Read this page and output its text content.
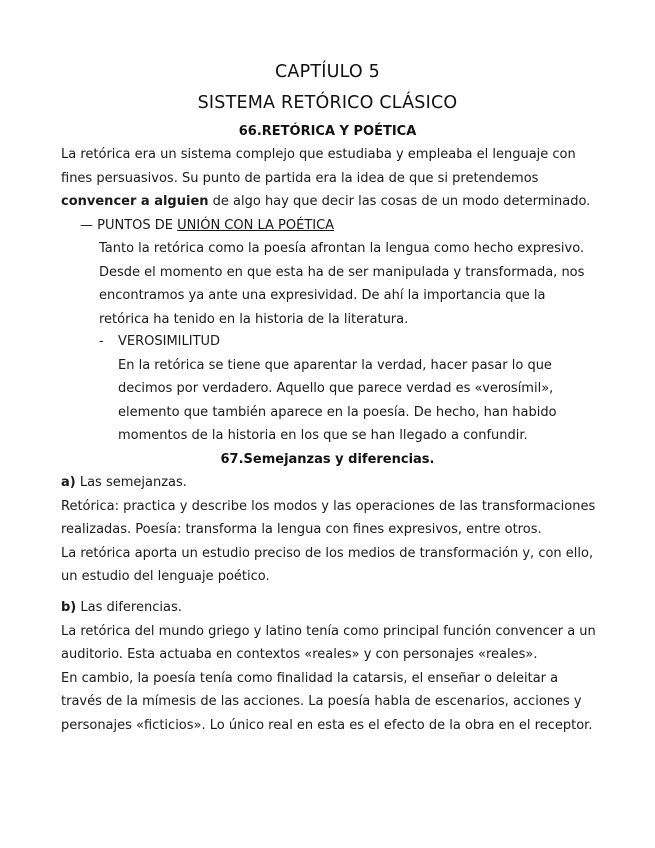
CAPTÍULO 5
SISTEMA RETÓRICO CLÁSICO
66.RETÓRICA Y POÉTICA
La retórica era un sistema complejo que estudiaba y empleaba el lenguaje con
fines persuasivos. Su punto de partida era la idea de que si pretendemos
convencer a alguien de algo hay que decir las cosas de un modo determinado.
— PUNTOS DE UNIÓN CON LA POÉTICA
Tanto la retórica como la poesía afrontan la lengua como hecho expresivo.
Desde el momento en que esta ha de ser manipulada y transformada, nos
encontramos ya ante una expresividad. De ahí la importancia que la
retórica ha tenido en la historia de la literatura.
- VEROSIMILITUD
En la retórica se tiene que aparentar la verdad, hacer pasar lo que
decimos por verdadero. Aquello que parece verdad es «verosímil»,
elemento que también aparece en la poesía. De hecho, han habido
momentos de la historia en los que se han llegado a confundir.
67.Semejanzas y diferencias.
a) Las semejanzas.
Retórica: practica y describe los modos y las operaciones de las transformaciones
realizadas. Poesía: transforma la lengua con fines expresivos, entre otros.
La retórica aporta un estudio preciso de los medios de transformación y, con ello,
un estudio del lenguaje poético.
b) Las diferencias.
La retórica del mundo griego y latino tenía como principal función convencer a un
auditorio. Esta actuaba en contextos «reales» y con personajes «reales».
En cambio, la poesía tenía como finalidad la catarsis, el enseñar o deleitar a
través de la mímesis de las acciones. La poesía habla de escenarios, acciones y
personajes «ficticios». Lo único real en esta es el efecto de la obra en el receptor.
